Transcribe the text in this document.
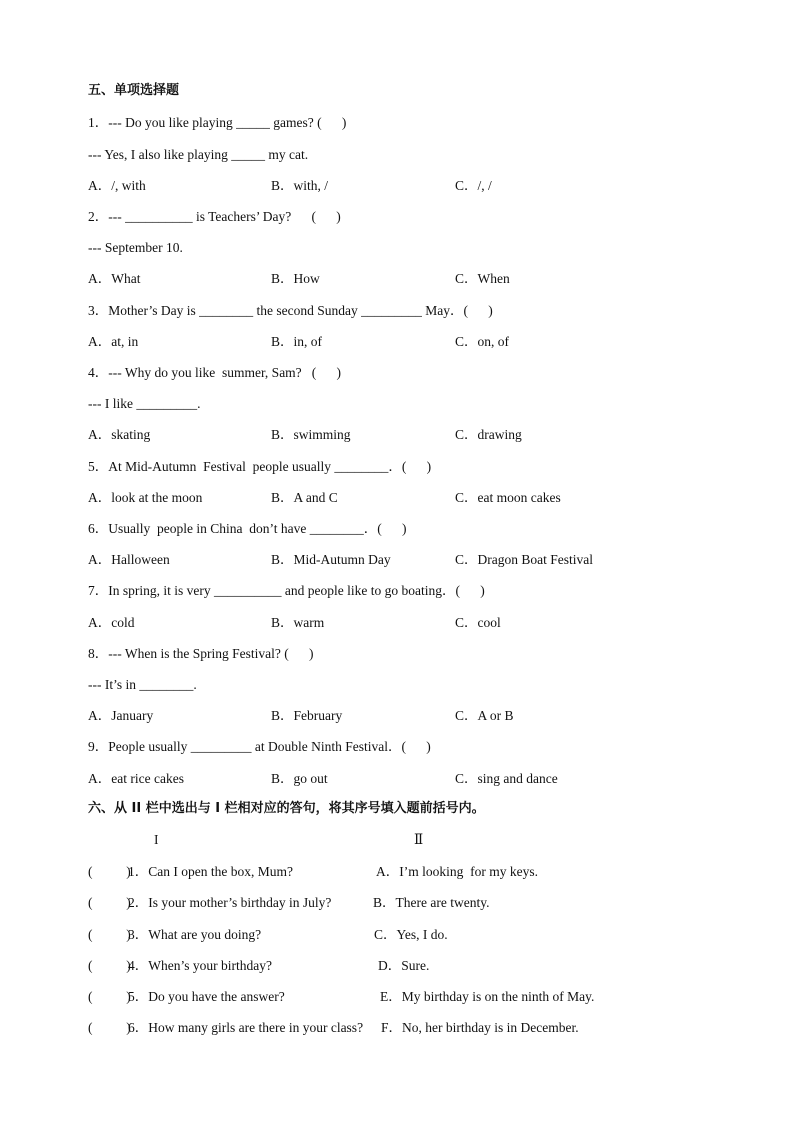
五、单项选择题
1．--- Do you like playing _____ games? (      )
--- Yes, I also like playing _____ my cat.
A．/, with	B．with, /	C．/, /
2．--- __________ is Teachers’ Day?      (      )
--- September 10.
A．What	B．How	C．When
3．Mother’s Day is ________ the second Sunday _________ May．(      )
A．at, in	B．in, of	C．on, of
4．--- Why do you like  summer, Sam?   (      )
--- I like _________.
A．skating	B．swimming	C．drawing
5．At Mid-Autumn  Festival  people usually ________．(      )
A．look at the moon	B．A and C	C．eat moon cakes
6．Usually  people in China  don’t have ________．(      )
A．Halloween	B．Mid-Autumn Day	C．Dragon Boat Festival
7．In spring, it is very __________ and people like to go boating．(      )
A．cold	B．warm	C．cool
8．--- When is the Spring Festival? (      )
--- It’s in ________.
A．January	B．February	C．A or B
9．People usually _________ at Double Ninth Festival．(      )
A．eat rice cakes	B．go out	C．sing and dance
六、从 II 栏中选出与 I 栏相对应的答句，将其序号填入题前括号内。
I	Ⅱ
(          )
1．Can I open the box, Mum?	A．I’m looking  for my keys.
(          )
2．Is your mother’s birthday in July?	B．There are twenty.
(          )
3．What are you doing?	C．Yes, I do.
(          )
4．When’s your birthday?	D．Sure.
(          )
5．Do you have the answer?	E．My birthday is on the ninth of May.
(          )
6．How many girls are there in your class? F．No, her birthday is in December.
